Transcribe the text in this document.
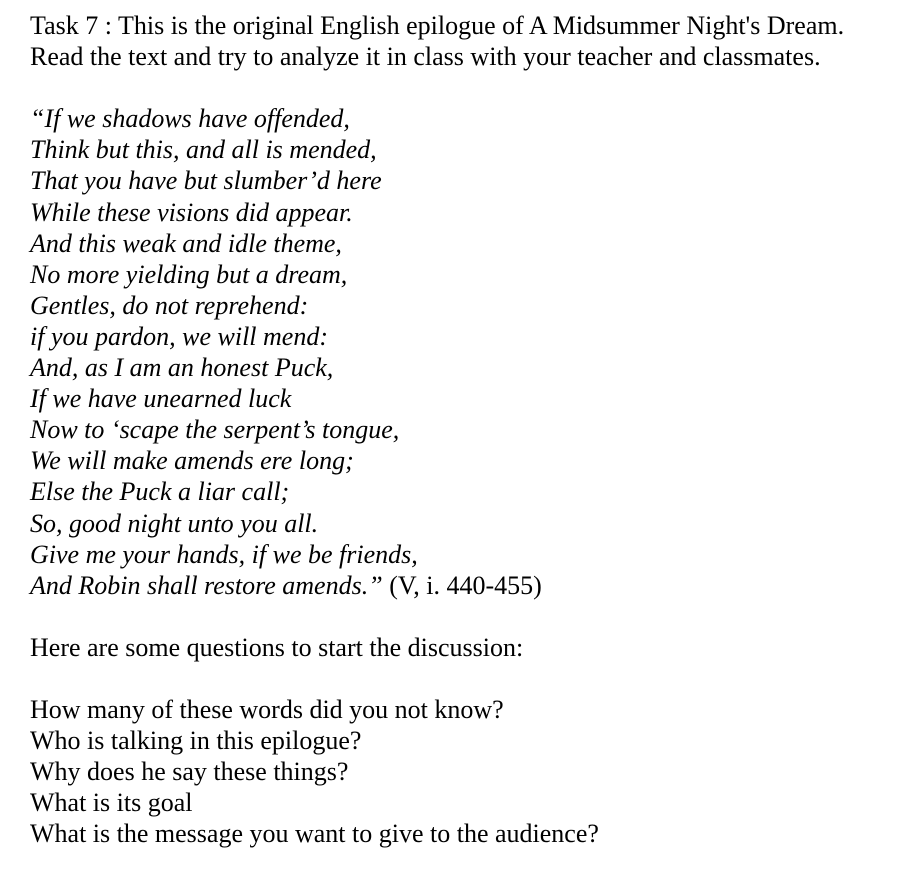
Task 7 : This is the original English epilogue of A Midsummer Night's Dream.
Read the text and try to analyze it in class with your teacher and classmates.
“If we shadows have offended,
Think but this, and all is mended,
That you have but slumber’d here
While these visions did appear.
And this weak and idle theme,
No more yielding but a dream,
Gentles, do not reprehend:
if you pardon, we will mend:
And, as I am an honest Puck,
If we have unearned luck
Now to ‘scape the serpent’s tongue,
We will make amends ere long;
Else the Puck a liar call;
So, good night unto you all.
Give me your hands, if we be friends,
And Robin shall restore amends.” (V, i. 440-455)
Here are some questions to start the discussion:
How many of these words did you not know?
Who is talking in this epilogue?
Why does he say these things?
What is its goal
What is the message you want to give to the audience?
